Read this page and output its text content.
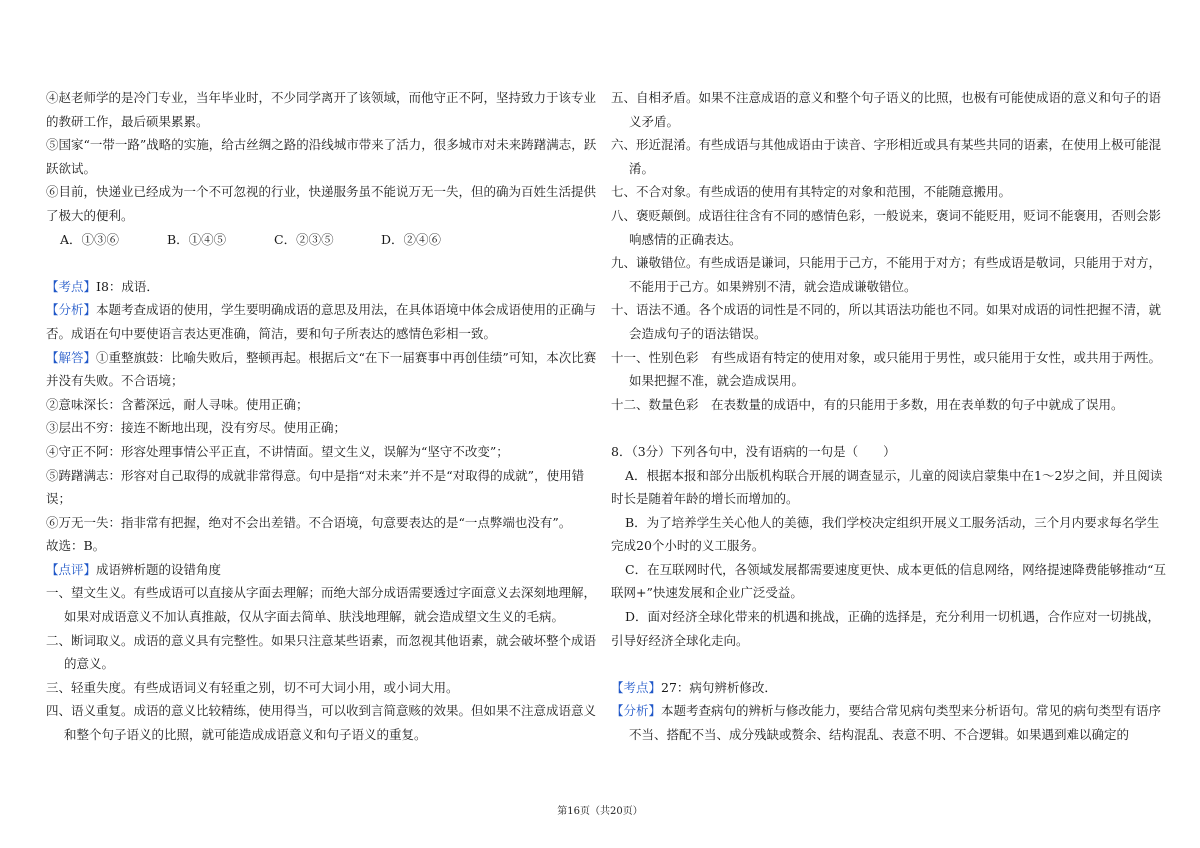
④赵老师学的是冷门专业，当年毕业时，不少同学离开了该领域，而他守正不阿，坚持致力于该专业的教研工作，最后硕果累累。

⑤国家“一带一路”战略的实施，给古丝绸之路的沿线城市带来了活力，很多城市对未来踌躇满志，跃跃欲试。

⑥目前，快递业已经成为一个不可忽视的行业，快递服务虽不能说万无一失，但的确为百姓生活提供了极大的便利。

A．①③⑥	B．①④⑤	C．②③⑤	D．②④⑥

【考点】I8：成语．

【分析】本题考查成语的使用，学生要明确成语的意思及用法，在具体语境中体会成语使用的正确与否。成语在句中要使语言表达更准确，简洁，要和句子所表达的感情色彩相一致。

【解答】①重整旗鼓：比喻失败后，整顿再起。根据后文“在下一届赛事中再创佳绩”可知，本次比赛并没有失败。不合语境；

②意味深长：含蓄深远，耐人寻味。使用正确；

③层出不穷：接连不断地出现，没有穷尽。使用正确；

④守正不阿：形容处理事情公平正直，不讲情面。望文生义，误解为“坚守不改变”；

⑤踌躇满志：形容对自己取得的成就非常得意。句中是指“对未来”并不是“对取得的成就”，使用错误；

⑥万无一失：指非常有把握，绝对不会出差错。不合语境，句意要表达的是“一点弊端也没有”。

故选：B。

【点评】成语辨析题的设错角度

一、望文生义。有些成语可以直接从字面去理解；而绝大部分成语需要透过字面意义去深刻地理解，如果对成语意义不加认真推敲，仅从字面去简单、肤浅地理解，就会造成望文生义的毛病。

二、断词取义。成语的意义具有完整性。如果只注意某些语素，而忽视其他语素，就会破坏整个成语的意义。

三、轻重失度。有些成语词义有轻重之别，切不可大词小用，或小词大用。

四、语义重复。成语的意义比较精练，使用得当，可以收到言简意赅的效果。但如果不注意成语意义和整个句子语义的比照，就可能造成成语意义和句子语义的重复。

五、自相矛盾。如果不注意成语的意义和整个句子语义的比照，也极有可能使成语的意义和句子的语义矛盾。

六、形近混淆。有些成语与其他成语由于读音、字形相近或具有某些共同的语素，在使用上极可能混淆。

七、不合对象。有些成语的使用有其特定的对象和范围，不能随意搬用。

八、褒贬颠倒。成语往往含有不同的感情色彩，一般说来，褒词不能贬用，贬词不能褒用，否则会影响感情的正确表达。

九、谦敬错位。有些成语是谦词，只能用于己方，不能用于对方；有些成语是敬词，只能用于对方，不能用于己方。如果辨别不清，就会造成谦敬错位。

十、语法不通。各个成语的词性是不同的，所以其语法功能也不同。如果对成语的词性把握不清，就会造成句子的语法错误。

十一、性别色彩　有些成语有特定的使用对象，或只能用于男性，或只能用于女性，或共用于两性。如果把握不准，就会造成误用。

十二、数量色彩　在表数量的成语中，有的只能用于多数，用在表单数的句子中就成了误用。

8．（3分）下列各句中，没有语病的一句是（　　）

A．根据本报和部分出版机构联合开展的调查显示，儿童的阅读启蒙集中在1～2岁之间，并且阅读时长是随着年龄的增长而增加的。

B．为了培养学生关心他人的美德，我们学校决定组织开展义工服务活动，三个月内要求每名学生完成20个小时的义工服务。

C．在互联网时代，各领域发展都需要速度更快、成本更低的信息网络，网络提速降费能够推动“互联网+”快速发展和企业广泛受益。

D．面对经济全球化带来的机遇和挑战，正确的选择是，充分利用一切机遇，合作应对一切挑战，引导好经济全球化走向。

【考点】27：病句辨析修改．

【分析】本题考查病句的辨析与修改能力，要结合常见病句类型来分析语句。常见的病句类型有语序不当、搭配不当、成分残缺或赘余、结构混乱、表意不明、不合逻辑。如果遇到难以确定的

第16页（共20页）
